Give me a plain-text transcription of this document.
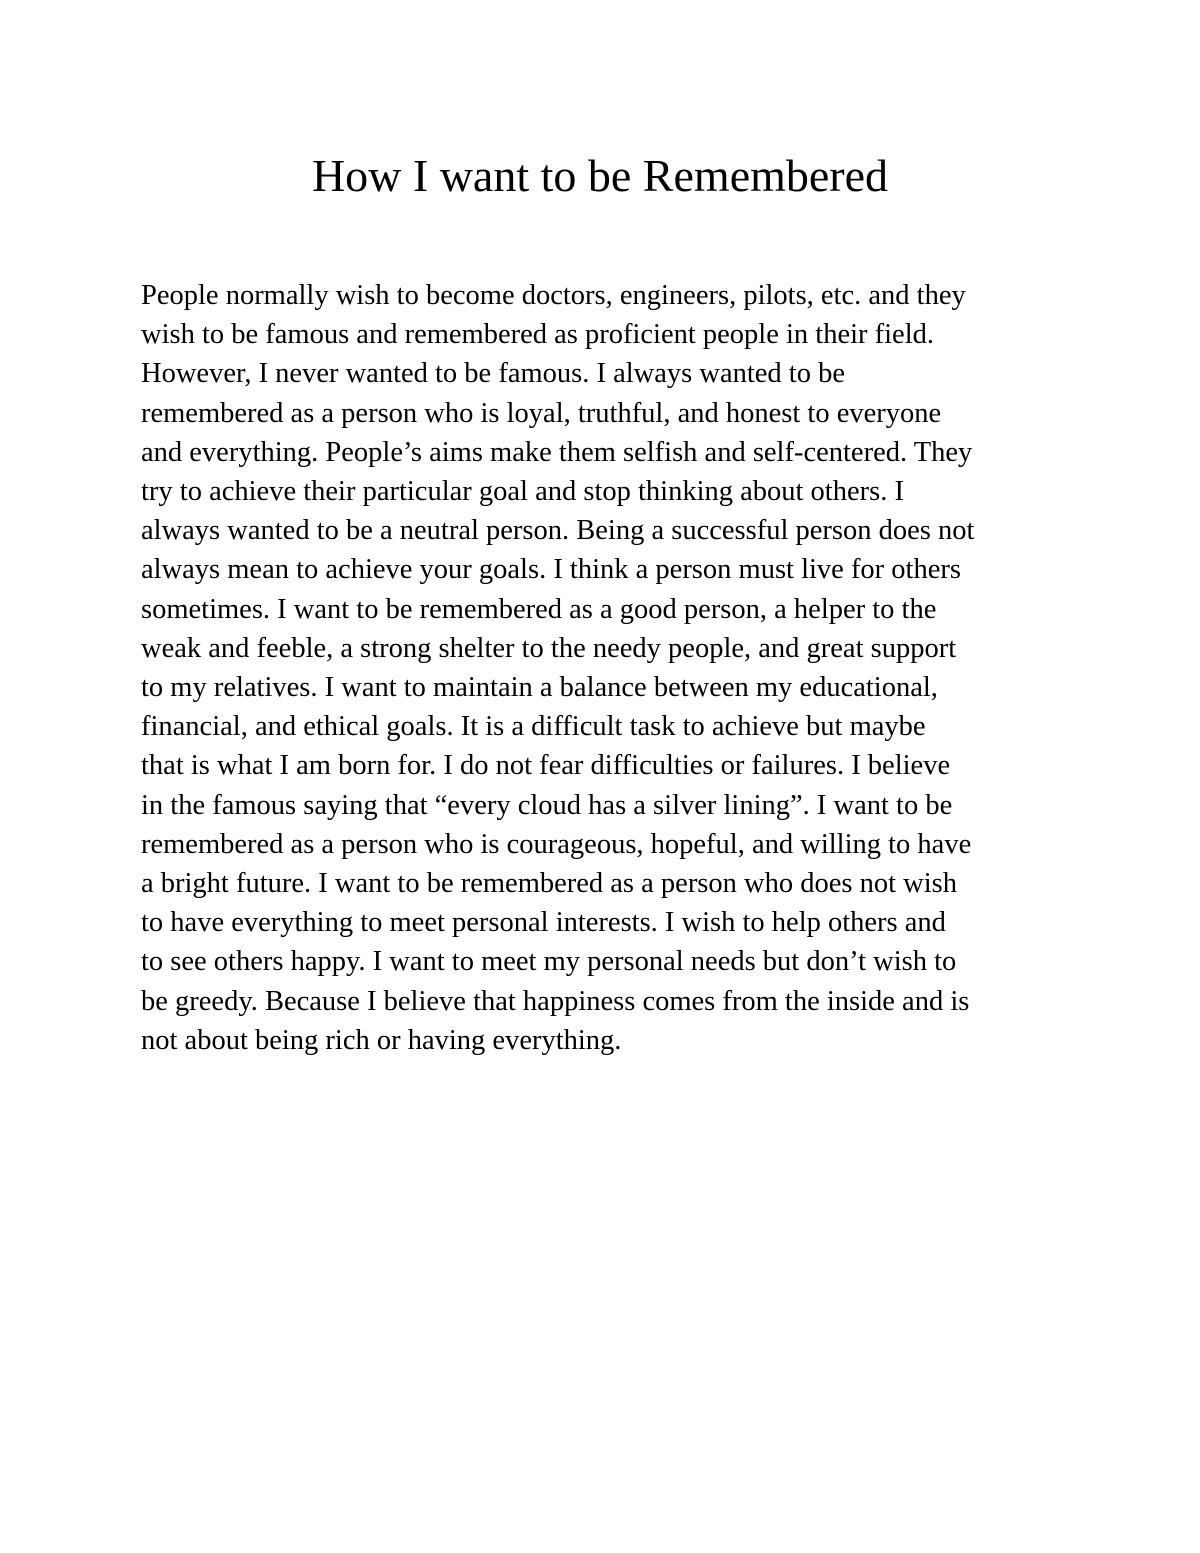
How I want to be Remembered
People normally wish to become doctors, engineers, pilots, etc. and they
wish to be famous and remembered as proficient people in their field.
However, I never wanted to be famous. I always wanted to be
remembered as a person who is loyal, truthful, and honest to everyone
and everything. People’s aims make them selfish and self-centered. They
try to achieve their particular goal and stop thinking about others. I
always wanted to be a neutral person. Being a successful person does not
always mean to achieve your goals. I think a person must live for others
sometimes. I want to be remembered as a good person, a helper to the
weak and feeble, a strong shelter to the needy people, and great support
to my relatives. I want to maintain a balance between my educational,
financial, and ethical goals. It is a difficult task to achieve but maybe
that is what I am born for. I do not fear difficulties or failures. I believe
in the famous saying that “every cloud has a silver lining”. I want to be
remembered as a person who is courageous, hopeful, and willing to have
a bright future. I want to be remembered as a person who does not wish
to have everything to meet personal interests. I wish to help others and
to see others happy. I want to meet my personal needs but don’t wish to
be greedy. Because I believe that happiness comes from the inside and is
not about being rich or having everything.
